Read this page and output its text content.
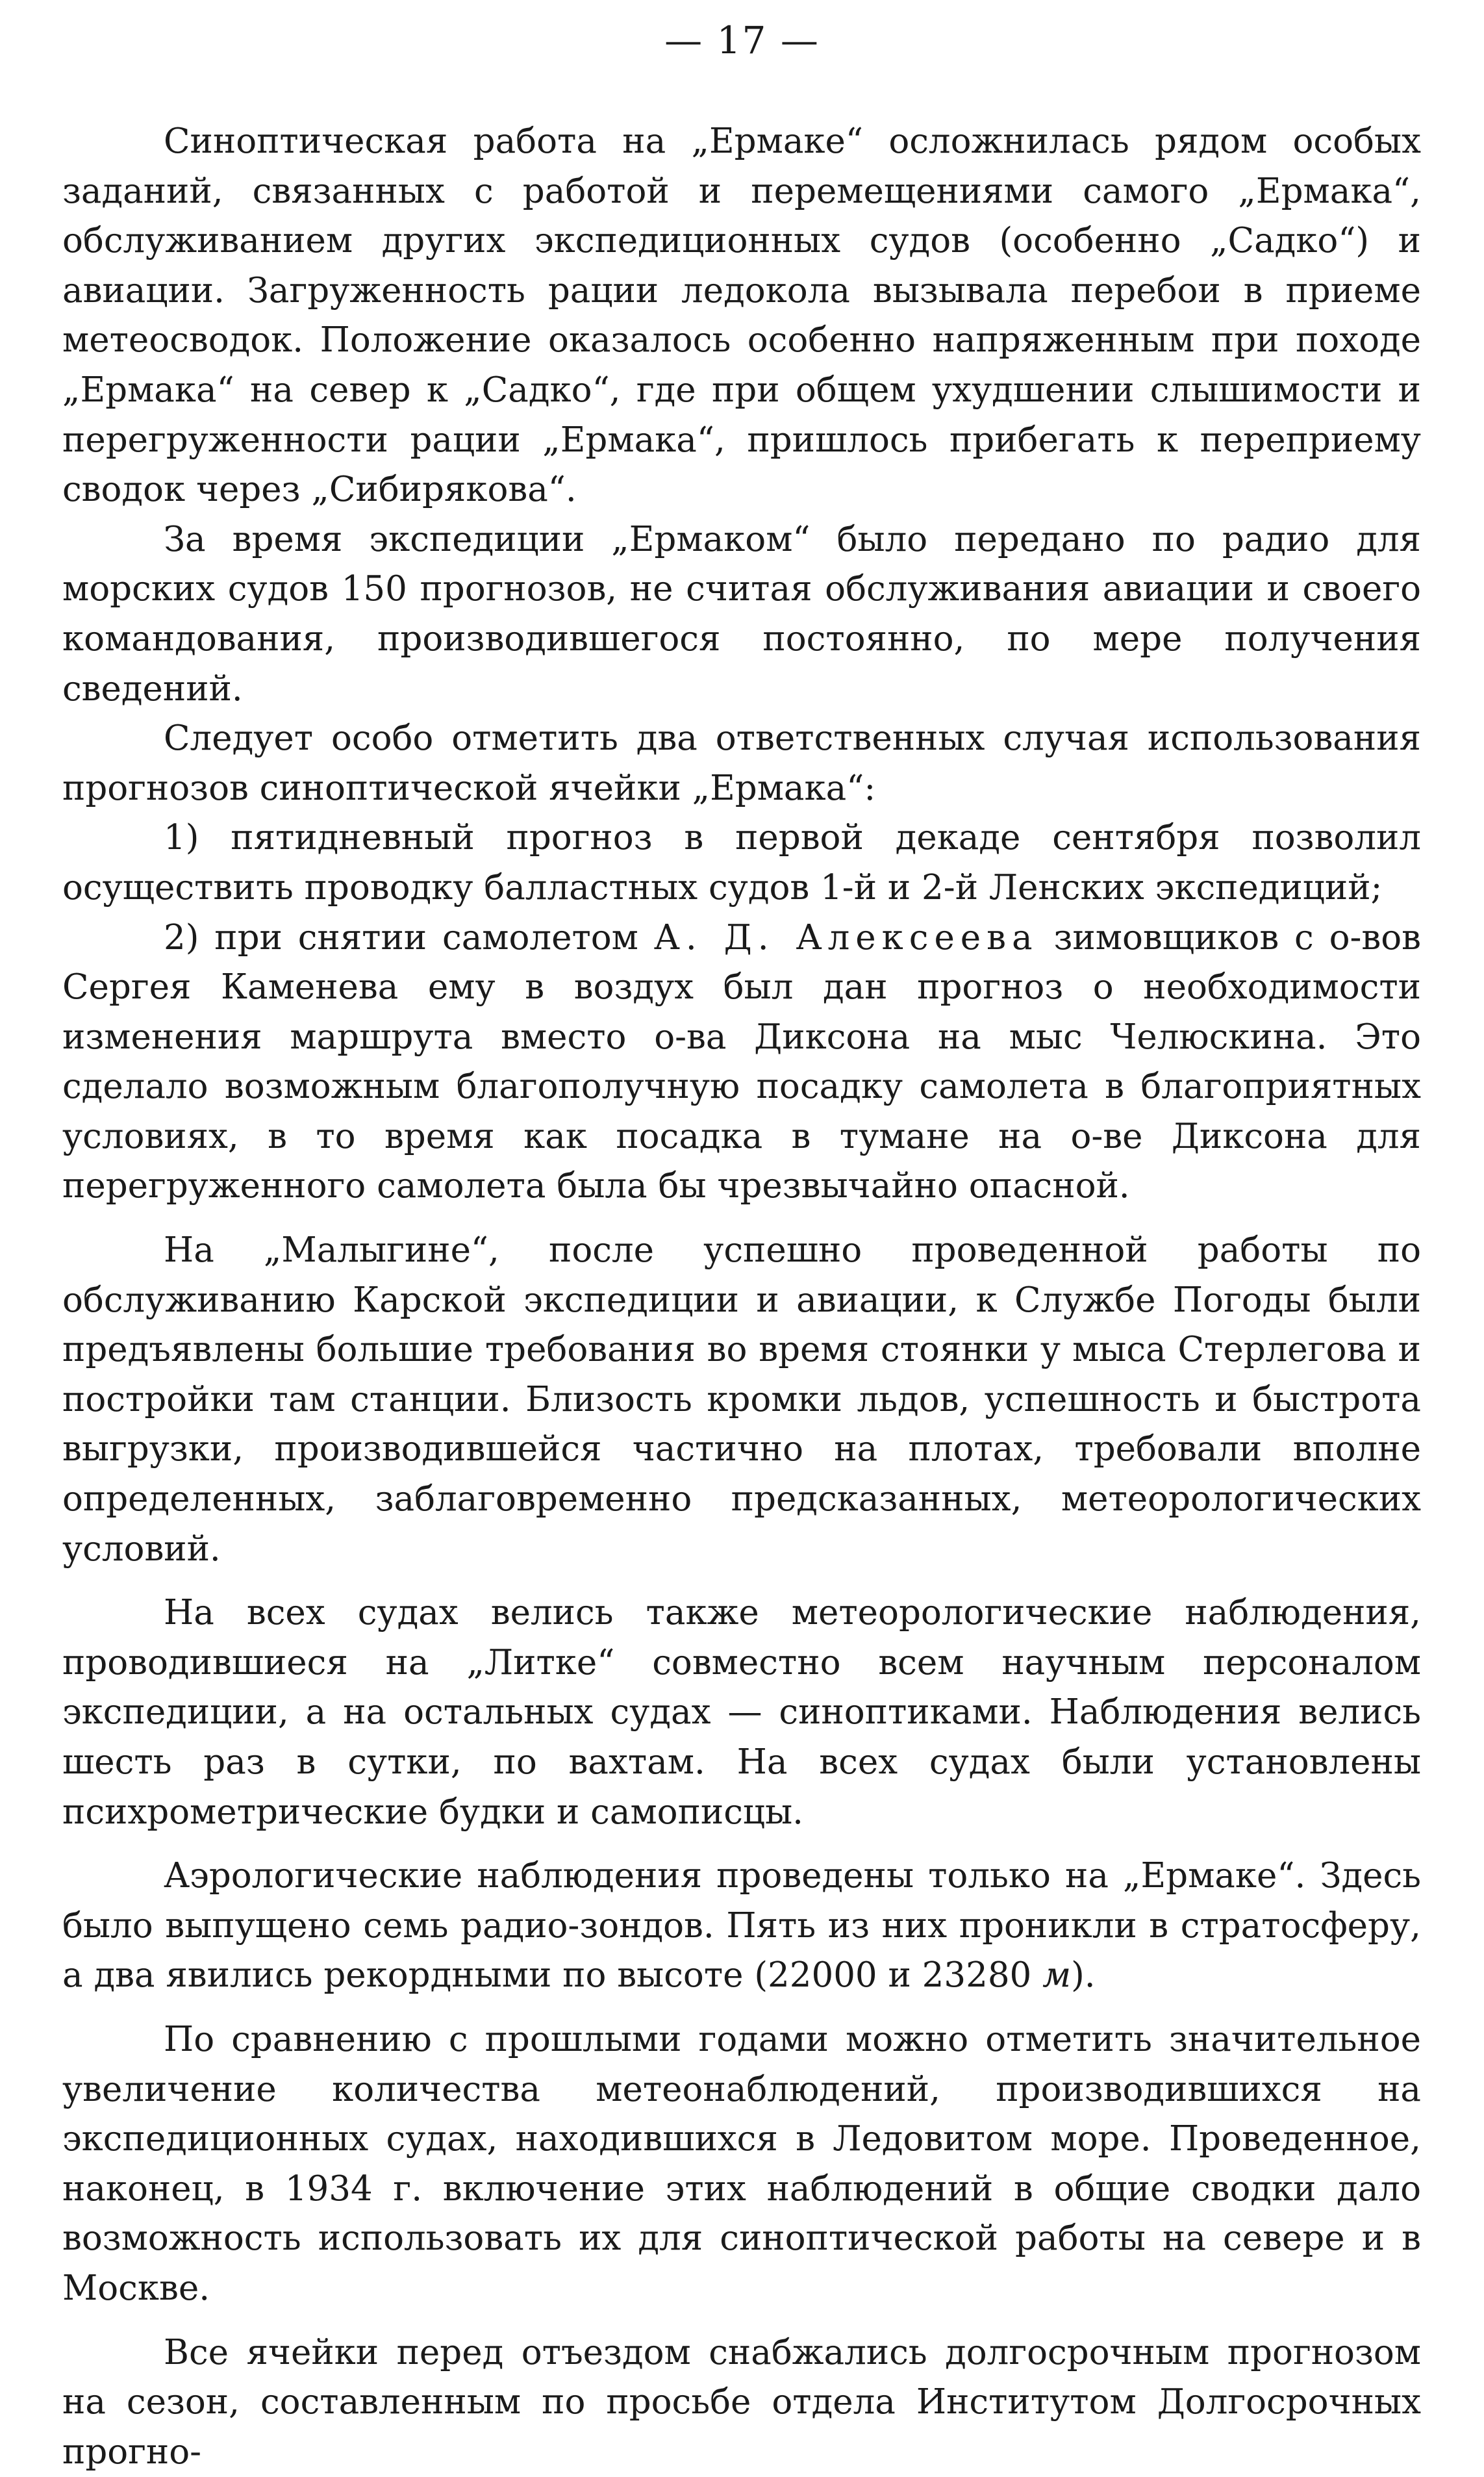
— 17 —

Синоптическая работа на „Ермаке“ осложнилась рядом особых заданий, связанных с работой и перемещениями самого „Ермака“, обслуживанием других экспедиционных судов (особенно „Садко“) и авиации. Загруженность рации ледокола вызывала перебои в приеме метеосводок. Положение оказалось особенно напряженным при походе „Ермака“ на север к „Садко“, где при общем ухудшении слышимости и перегруженности рации „Ермака“, пришлось прибегать к переприему сводок через „Сибирякова“.

За время экспедиции „Ермаком“ было передано по радио для морских судов 150 прогнозов, не считая обслуживания авиации и своего командования, производившегося постоянно, по мере получения сведений.

Следует особо отметить два ответственных случая использования прогнозов синоптической ячейки „Ермака“:

1) пятидневный прогноз в первой декаде сентября позволил осуществить проводку балластных судов 1-й и 2-й Ленских экспедиций;

2) при снятии самолетом А. Д. Алексеева зимовщиков с о-вов Сергея Каменева ему в воздух был дан прогноз о необходимости изменения маршрута вместо о-ва Диксона на мыс Челюскина. Это сделало возможным благополучную посадку самолета в благоприятных условиях, в то время как посадка в тумане на о-ве Диксона для перегруженного самолета была бы чрезвычайно опасной.

На „Малыгине“, после успешно проведенной работы по обслуживанию Карской экспедиции и авиации, к Службе Погоды были предъявлены большие требования во время стоянки у мыса Стерлегова и постройки там станции. Близость кромки льдов, успешность и быстрота выгрузки, производившейся частично на плотах, требовали вполне определенных, заблаговременно предсказанных, метеорологических условий.

На всех судах велись также метеорологические наблюдения, проводившиеся на „Литке“ совместно всем научным персоналом экспедиции, а на остальных судах — синоптиками. Наблюдения велись шесть раз в сутки, по вахтам. На всех судах были установлены психрометрические будки и самописцы.

Аэрологические наблюдения проведены только на „Ермаке“. Здесь было выпущено семь радио-зондов. Пять из них проникли в стратосферу, а два явились рекордными по высоте (22000 и 23280 м).

По сравнению с прошлыми годами можно отметить значительное увеличение количества метеонаблюдений, производившихся на экспедиционных судах, находившихся в Ледовитом море. Проведенное, наконец, в 1934 г. включение этих наблюдений в общие сводки дало возможность использовать их для синоптической работы на севере и в Москве.

Все ячейки перед отъездом снабжались долгосрочным прогнозом на сезон, составленным по просьбе отдела Институтом Долгосрочных прогно-
